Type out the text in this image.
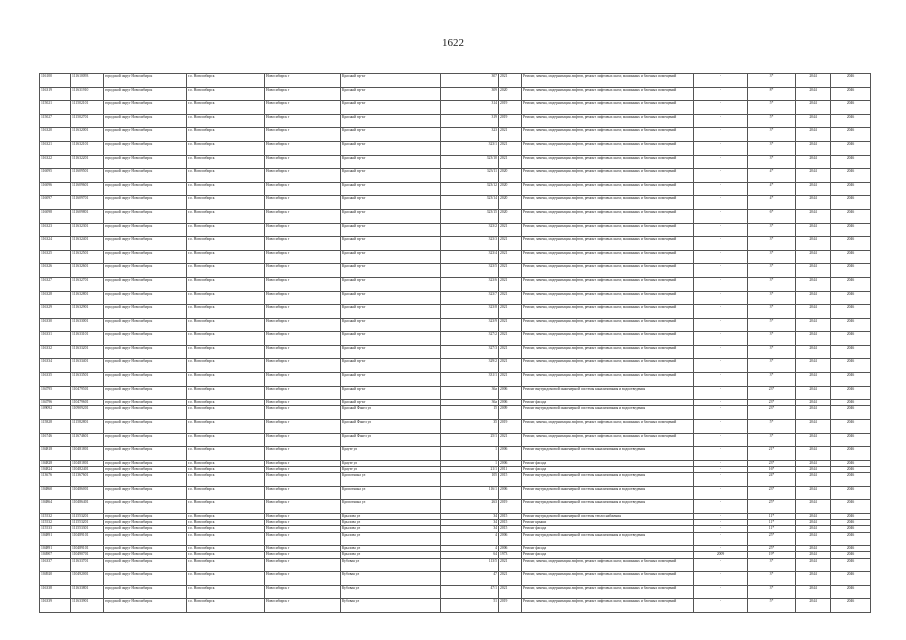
1622
116100	111610093	городской округ Новосибирск	г.о. Новосибирск	Новосибирск г	Красный пр-кт	307	2021	Ремонт, замена, модернизация лифтов, ремонт лифтовых шахт, машинных и блочных помещений	-	3*	2044	2046
116319	111631910	городской округ Новосибирск	г.о. Новосибирск	Новосибирск г	Красный пр-кт	309	2020	Ремонт, замена, модернизация лифтов, ремонт лифтовых шахт, машинных и блочных помещений	-	8*	2044	2046
115021	111502101	городской округ Новосибирск	г.о. Новосибирск	Новосибирск г	Красный пр-кт	314	2019	Ремонт, замена, модернизация лифтов, ремонт лифтовых шахт, машинных и блочных помещений	-	5*	2044	2046
115027	111502701	городской округ Новосибирск	г.о. Новосибирск	Новосибирск г	Красный пр-кт	319	2019	Ремонт, замена, модернизация лифтов, ремонт лифтовых шахт, машинных и блочных помещений	-	5*	2044	2046
116320	111632001	городской округ Новосибирск	г.о. Новосибирск	Новосибирск г	Красный пр-кт	323	2021	Ремонт, замена, модернизация лифтов, ремонт лифтовых шахт, машинных и блочных помещений	-	3*	2044	2046
116321	111632101	городской округ Новосибирск	г.о. Новосибирск	Новосибирск г	Красный пр-кт	323/1	2021	Ремонт, замена, модернизация лифтов, ремонт лифтовых шахт, машинных и блочных помещений	-	3*	2044	2046
116322	111632201	городской округ Новосибирск	г.о. Новосибирск	Новосибирск г	Красный пр-кт	323/10	2021	Ремонт, замена, модернизация лифтов, ремонт лифтовых шахт, машинных и блочных помещений	-	3*	2044	2046
116095	111609501	городской округ Новосибирск	г.о. Новосибирск	Новосибирск г	Красный пр-кт	323/11	2020	Ремонт, замена, модернизация лифтов, ремонт лифтовых шахт, машинных и блочных помещений	-	4*	2044	2046
116096	111609601	городской округ Новосибирск	г.о. Новосибирск	Новосибирск г	Красный пр-кт	323/12	2020	Ремонт, замена, модернизация лифтов, ремонт лифтовых шахт, машинных и блочных помещений	-	4*	2044	2046
116097	111609701	городской округ Новосибирск	г.о. Новосибирск	Новосибирск г	Красный пр-кт	323/14	2020	Ремонт, замена, модернизация лифтов, ремонт лифтовых шахт, машинных и блочных помещений	-	4*	2044	2046
116098	111609801	городской округ Новосибирск	г.о. Новосибирск	Новосибирск г	Красный пр-кт	323/15	2020	Ремонт, замена, модернизация лифтов, ремонт лифтовых шахт, машинных и блочных помещений	-	6*	2044	2046
116323	111632301	городской округ Новосибирск	г.о. Новосибирск	Новосибирск г	Красный пр-кт	323/2	2021	Ремонт, замена, модернизация лифтов, ремонт лифтовых шахт, машинных и блочных помещений	-	3*	2044	2046
116324	111632401	городской округ Новосибирск	г.о. Новосибирск	Новосибирск г	Красный пр-кт	323/3	2021	Ремонт, замена, модернизация лифтов, ремонт лифтовых шахт, машинных и блочных помещений	-	3*	2044	2046
116325	111632501	городской округ Новосибирск	г.о. Новосибирск	Новосибирск г	Красный пр-кт	323/4	2021	Ремонт, замена, модернизация лифтов, ремонт лифтовых шахт, машинных и блочных помещений	-	3*	2044	2046
116326	111632601	городской округ Новосибирск	г.о. Новосибирск	Новосибирск г	Красный пр-кт	323/5	2021	Ремонт, замена, модернизация лифтов, ремонт лифтовых шахт, машинных и блочных помещений	-	3*	2044	2046
116327	111632701	городской округ Новосибирск	г.о. Новосибирск	Новосибирск г	Красный пр-кт	323/6	2021	Ремонт, замена, модернизация лифтов, ремонт лифтовых шахт, машинных и блочных помещений	-	3*	2044	2046
116328	111632801	городской округ Новосибирск	г.о. Новосибирск	Новосибирск г	Красный пр-кт	323/7	2021	Ремонт, замена, модернизация лифтов, ремонт лифтовых шахт, машинных и блочных помещений	-	3*	2044	2046
116329	111632901	городской округ Новосибирск	г.о. Новосибирск	Новосибирск г	Красный пр-кт	323/8	2021	Ремонт, замена, модернизация лифтов, ремонт лифтовых шахт, машинных и блочных помещений	-	3*	2044	2046
116330	111633001	городской округ Новосибирск	г.о. Новосибирск	Новосибирск г	Красный пр-кт	323/9	2021	Ремонт, замена, модернизация лифтов, ремонт лифтовых шахт, машинных и блочных помещений	-	5*	2044	2046
116331	111633101	городской округ Новосибирск	г.о. Новосибирск	Новосибирск г	Красный пр-кт	327/2	2021	Ремонт, замена, модернизация лифтов, ремонт лифтовых шахт, машинных и блочных помещений	-	3*	2044	2046
116332	111633201	городской округ Новосибирск	г.о. Новосибирск	Новосибирск г	Красный пр-кт	327/3	2021	Ремонт, замена, модернизация лифтов, ремонт лифтовых шахт, машинных и блочных помещений	-	3*	2044	2046
116334	111633401	городской округ Новосибирск	г.о. Новосибирск	Новосибирск г	Красный пр-кт	329/2	2021	Ремонт, замена, модернизация лифтов, ремонт лифтовых шахт, машинных и блочных помещений	-	3*	2044	2046
116335	111633501	городской округ Новосибирск	г.о. Новосибирск	Новосибирск г	Красный пр-кт	331/1	2021	Ремонт, замена, модернизация лифтов, ремонт лифтовых шахт, машинных и блочных помещений	-	3*	2044	2046
104795	110479501	городской округ Новосибирск	г.о. Новосибирск	Новосибирск г	Красный пр-кт	36а	2006	Ремонт внутридомовой инженерной системы канализования и водоотведения	-	23*	2044	2046
104796	110479601	городской округ Новосибирск	г.о. Новосибирск	Новосибирск г	Красный пр-кт	36а	2006	Ремонт фасада	-	23*	2044	2046
109092	110909201	городской округ Новосибирск	г.о. Новосибирск	Новосибирск г	Красный Факел ул	15	2009	Ремонт внутридомовой инженерной системы канализования и водоотведения	-	23*	2044	2046
115828	111582801	городской округ Новосибирск	г.о. Новосибирск	Новосибирск г	Красный Факел ул	35	2019	Ремонт, замена, модернизация лифтов, ремонт лифтовых шахт, машинных и блочных помещений	-	5*	2044	2046
116746	111674601	городской округ Новосибирск	г.о. Новосибирск	Новосибирск г	Красный Факел ул	25/1	2021	Ремонт, замена, модернизация лифтов, ремонт лифтовых шахт, машинных и блочных помещений	-	3*	2044	2046
104818	110481801	городской округ Новосибирск	г.о. Новосибирск	Новосибирск г	Краузе ул	1	2006	Ремонт внутридомовой инженерной системы канализования и водоотведения	-	21*	2044	2046
104828	110481801	городской округ Новосибирск	г.о. Новосибирск	Новосибирск г	Краузе ул	1	2006	Ремонт фасада	-	23*	2044	2046
104824	110482401	городской округ Новосибирск	г.о. Новосибирск	Новосибирск г	Краузе ул	21/1	2011	Ремонт фасада	-	16*	2044	2046
113676	111367601	городской округ Новосибирск	г.о. Новосибирск	Новосибирск г	Кропоткина ул	105	2015	Ремонт внутридомовой инженерной системы канализования и водоотведения	-	24*	2044	2046
104860	110486001	городской округ Новосибирск	г.о. Новосибирск	Новосибирск г	Кропоткина ул	116/1	2006	Ремонт внутридомовой инженерной системы канализования и водоотведения	-	23*	2044	2046
104864	110486401	городской округ Новосибирск	г.о. Новосибирск	Новосибирск г	Кропоткина ул	263	2019	Ремонт внутридомовой инженерной системы канализования и водоотведения	-	25*	2044	2046
115532	111553201	городской округ Новосибирск	г.о. Новосибирск	Новосибирск г	Крылова ул	34	2015	Ремонт внутридомовой инженерной системы теплоснабжения	-	11*	2044	2046
115532	111553201	городской округ Новосибирск	г.о. Новосибирск	Новосибирск г	Крылова ул	34	2015	Ремонт крыши	-	11*	2044	2046
115533	111553301	городской округ Новосибирск	г.о. Новосибирск	Новосибирск г	Крылова ул	34	2015	Ремонт фасада	-	11*	2044	2046
104891	110489101	городской округ Новосибирск	г.о. Новосибирск	Новосибирск г	Крылова ул	4	2006	Ремонт внутридомовой инженерной системы канализования и водоотведения	-	25*	2044	2046
104891	110489101	городской округ Новосибирск	г.о. Новосибирск	Новосибирск г	Крылова ул	4	2006	Ремонт фасада	-	25*	2044	2046
104907	110490701	городской округ Новосибирск	г.о. Новосибирск	Новосибирск г	Крылова ул	64	1973	Ремонт фасада	2009	19*	2044	2046
116337	111633701	городской округ Новосибирск	г.о. Новосибирск	Новосибирск г	Кубовая ул	113/5	2021	Ремонт, замена, модернизация лифтов, ремонт лифтовых шахт, машинных и блочных помещений	-	3*	2044	2046
104920	110492001	городской округ Новосибирск	г.о. Новосибирск	Новосибирск г	Кубовая ул	47	2021	Ремонт, замена, модернизация лифтов, ремонт лифтовых шахт, машинных и блочных помещений	-	3*	2044	2046
116338	111633801	городской округ Новосибирск	г.о. Новосибирск	Новосибирск г	Кубовая ул	47/1	2021	Ремонт, замена, модернизация лифтов, ремонт лифтовых шахт, машинных и блочных помещений	-	3*	2044	2046
116339	111633901	городской округ Новосибирск	г.о. Новосибирск	Новосибирск г	Кубовая ул	51	2019	Ремонт, замена, модернизация лифтов, ремонт лифтовых шахт, машинных и блочных помещений	-	5*	2044	2046
